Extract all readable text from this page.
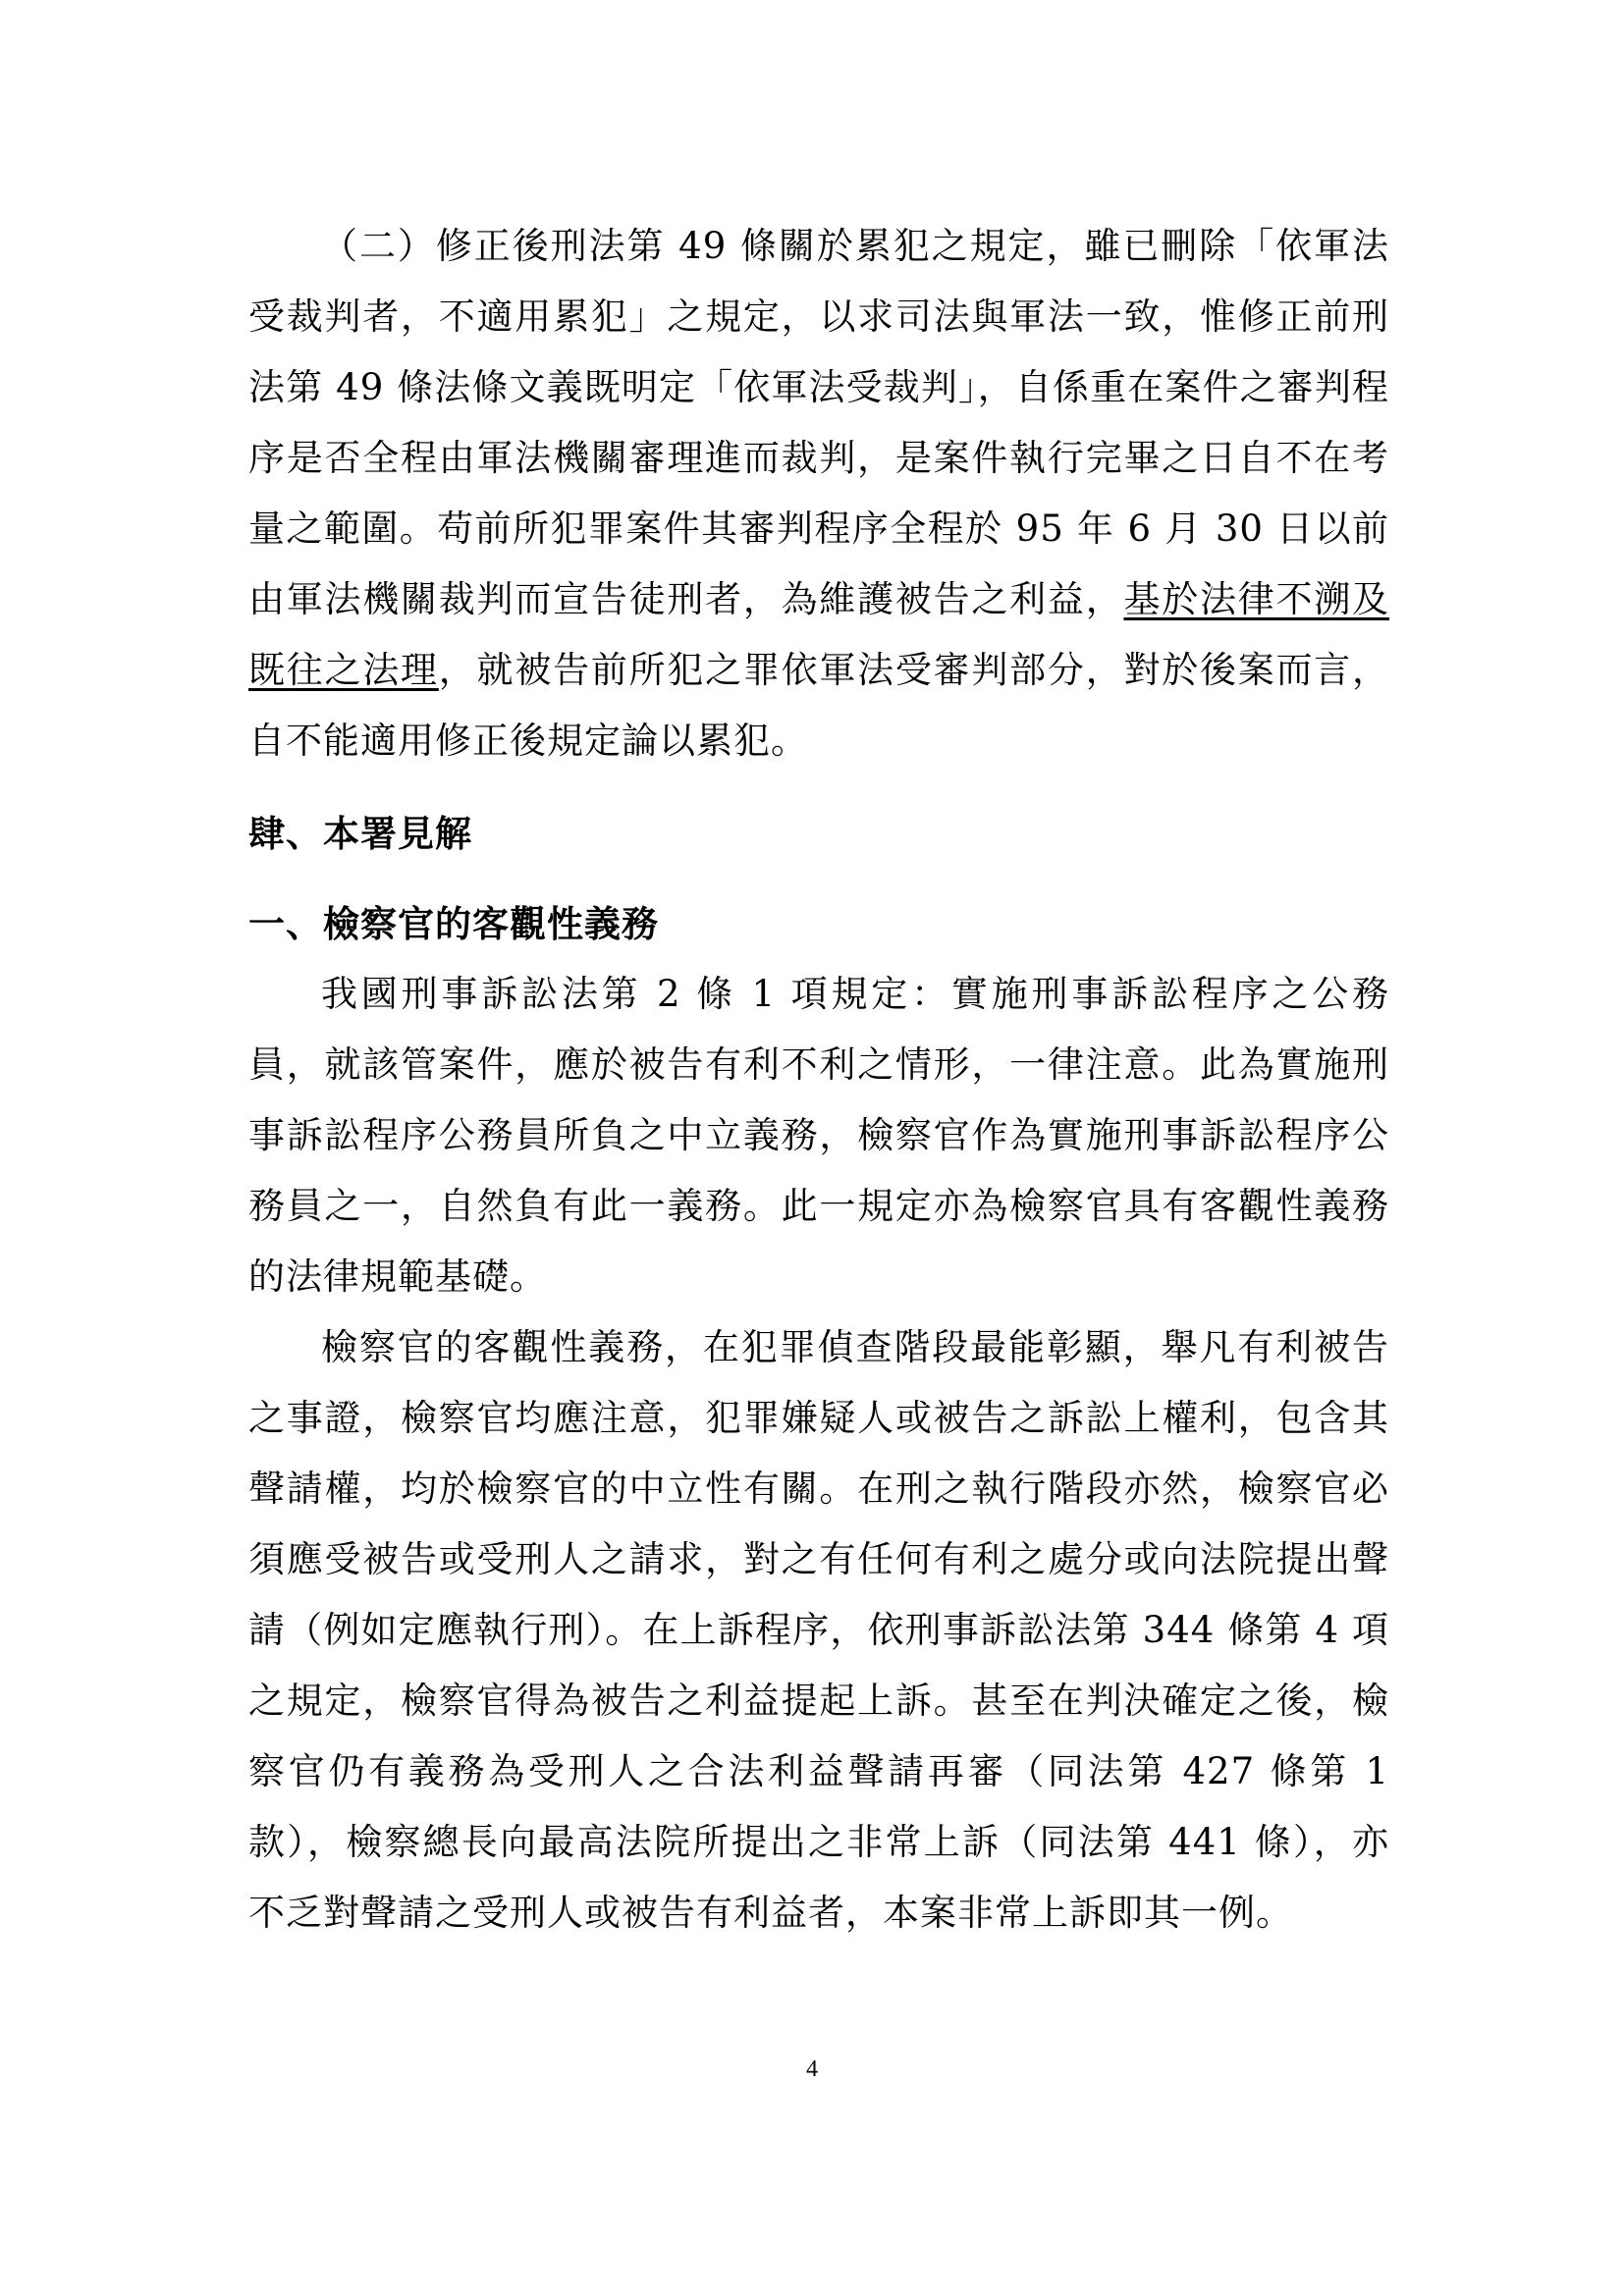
（二）修正後刑法第 49 條關於累犯之規定，雖已刪除「依軍法受裁判者，不適用累犯」之規定，以求司法與軍法一致，惟修正前刑法第 49 條法條文義既明定「依軍法受裁判」，自係重在案件之審判程序是否全程由軍法機關審理進而裁判，是案件執行完畢之日自不在考量之範圍。苟前所犯罪案件其審判程序全程於 95 年 6 月 30 日以前由軍法機關裁判而宣告徒刑者，為維護被告之利益，基於法律不溯及既往之法理，就被告前所犯之罪依軍法受審判部分，對於後案而言，自不能適用修正後規定論以累犯。

肆、本署見解

一、檢察官的客觀性義務

我國刑事訴訟法第 2 條 1 項規定：實施刑事訴訟程序之公務員，就該管案件，應於被告有利不利之情形，一律注意。此為實施刑事訴訟程序公務員所負之中立義務，檢察官作為實施刑事訴訟程序公務員之一，自然負有此一義務。此一規定亦為檢察官具有客觀性義務的法律規範基礎。

檢察官的客觀性義務，在犯罪偵查階段最能彰顯，舉凡有利被告之事證，檢察官均應注意，犯罪嫌疑人或被告之訴訟上權利，包含其聲請權，均於檢察官的中立性有關。在刑之執行階段亦然，檢察官必須應受被告或受刑人之請求，對之有任何有利之處分或向法院提出聲請（例如定應執行刑）。在上訴程序，依刑事訴訟法第 344 條第 4 項之規定，檢察官得為被告之利益提起上訴。甚至在判決確定之後，檢察官仍有義務為受刑人之合法利益聲請再審（同法第 427 條第 1 款），檢察總長向最高法院所提出之非常上訴（同法第 441 條），亦不乏對聲請之受刑人或被告有利益者，本案非常上訴即其一例。

4
